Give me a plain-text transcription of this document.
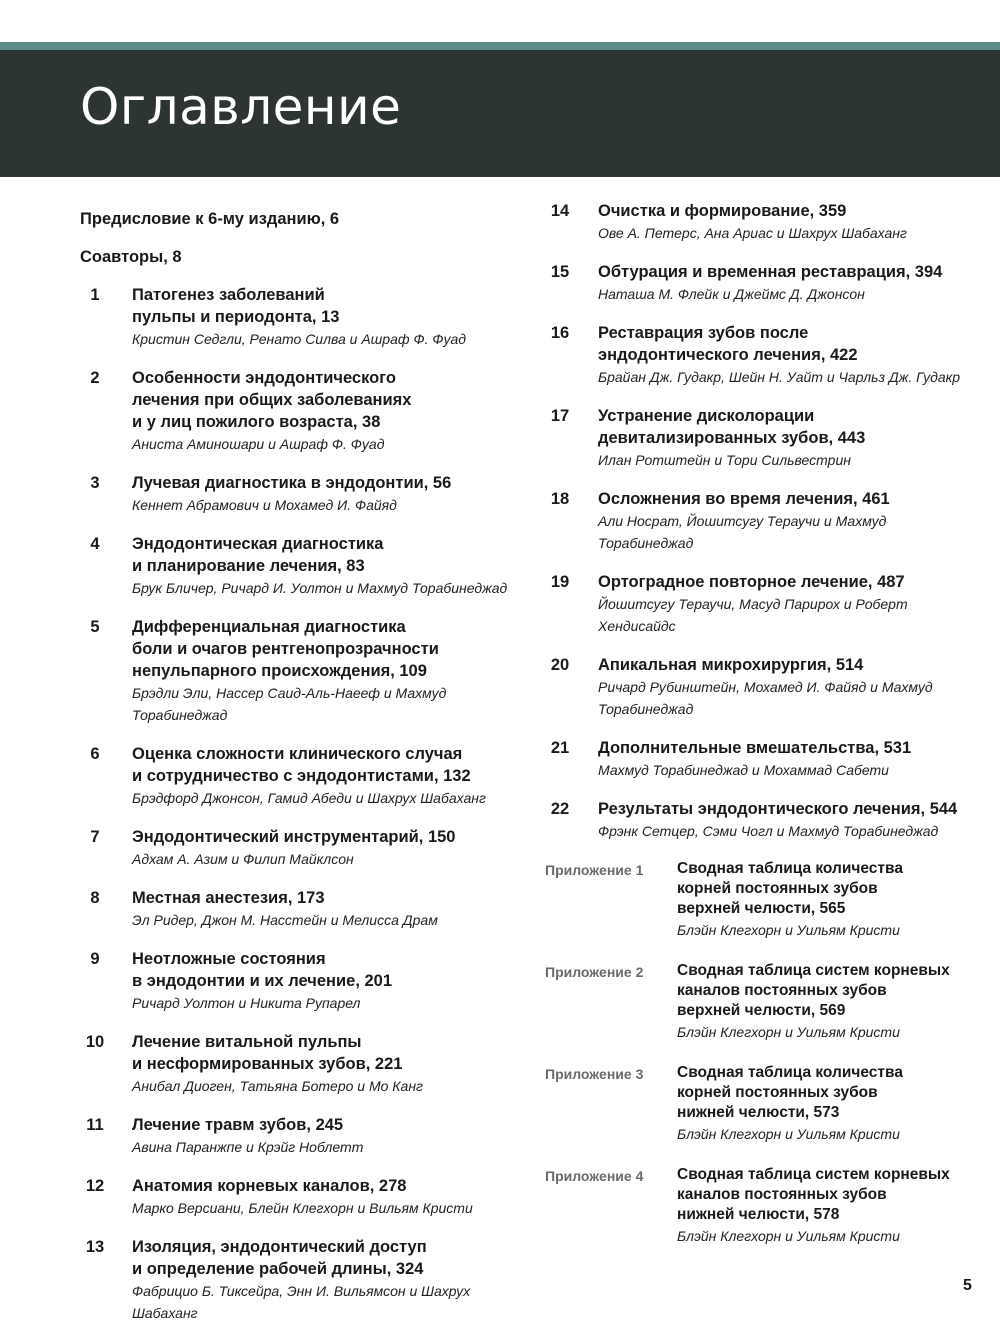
Оглавление
Предисловие к 6-му изданию, 6
Соавторы, 8
1	Патогенез заболеваний
пульпы и периодонта, 13
Кристин Седгли, Ренато Силва и Ашраф Ф. Фуад
2	Особенности эндодонтического
лечения при общих заболеваниях
и у лиц пожилого возраста, 38
Аниста Аминошари и Ашраф Ф. Фуад
3	Лучевая диагностика в эндодонтии, 56
Кеннет Абрамович и Мохамед И. Файяд
4	Эндодонтическая диагностика
и планирование лечения, 83
Брук Бличер, Ричард И. Уолтон и Махмуд Торабинеджад
5	Дифференциальная диагностика
боли и очагов рентгенопрозрачности
непульпарного происхождения, 109
Брэдли Эли, Нассер Саид-Аль-Наееф и Махмуд Торабинеджад
6	Оценка сложности клинического случая
и сотрудничество с эндодонтистами, 132
Брэдфорд Джонсон, Гамид Абеди и Шахрух Шабаханг
7	Эндодонтический инструментарий, 150
Адхам А. Азим и Филип Майклсон
8	Местная анестезия, 173
Эл Ридер, Джон М. Насстейн и Мелисса Драм
9	Неотложные состояния
в эндодонтии и их лечение, 201
Ричард Уолтон и Никита Рупарел
10	Лечение витальной пульпы
и несформированных зубов, 221
Анибал Диоген, Татьяна Ботеро и Мо Канг
11	Лечение травм зубов, 245
Авина Паранжпе и Крэйг Ноблетт
12	Анатомия корневых каналов, 278
Марко Версиани, Блейн Клегхорн и Вильям Кристи
13	Изоляция, эндодонтический доступ
и определение рабочей длины, 324
Фабрицио Б. Тиксейра, Энн И. Вильямсон и Шахрух Шабаханг
14	Очистка и формирование, 359
Ове А. Петерс, Ана Ариас и Шахрух Шабаханг
15	Обтурация и временная реставрация, 394
Наташа М. Флейк и Джеймс Д. Джонсон
16	Реставрация зубов после
эндодонтического лечения, 422
Брайан Дж. Гудакр, Шейн Н. Уайт и Чарльз Дж. Гудакр
17	Устранение дисколорации
девитализированных зубов, 443
Илан Ротштейн и Тори Сильвестрин
18	Осложнения во время лечения, 461
Али Носрат, Йошитсугу Тераучи и Махмуд
Торабинеджад
19	Ортоградное повторное лечение, 487
Йошитсугу Тераучи, Масуд Парирох и Роберт
Хендисайдс
20	Апикальная микрохирургия, 514
Ричард Рубинштейн, Мохамед И. Файяд и Махмуд
Торабинеджад
21	Дополнительные вмешательства, 531
Махмуд Торабинеджад и Мохаммад Сабети
22	Результаты эндодонтического лечения, 544
Фрэнк Сетцер, Сэми Чогл и Махмуд Торабинеджад
Приложение 1 Сводная таблица количества
корней постоянных зубов
верхней челюсти, 565
Блэйн Клегхорн и Уильям Кристи
Приложение 2 Сводная таблица систем корневых
каналов постоянных зубов
верхней челюсти, 569
Блэйн Клегхорн и Уильям Кристи
Приложение 3 Сводная таблица количества
корней постоянных зубов
нижней челюсти, 573
Блэйн Клегхорн и Уильям Кристи
Приложение 4 Сводная таблица систем корневых
каналов постоянных зубов
нижней челюсти, 578
Блэйн Клегхорн и Уильям Кристи
5
